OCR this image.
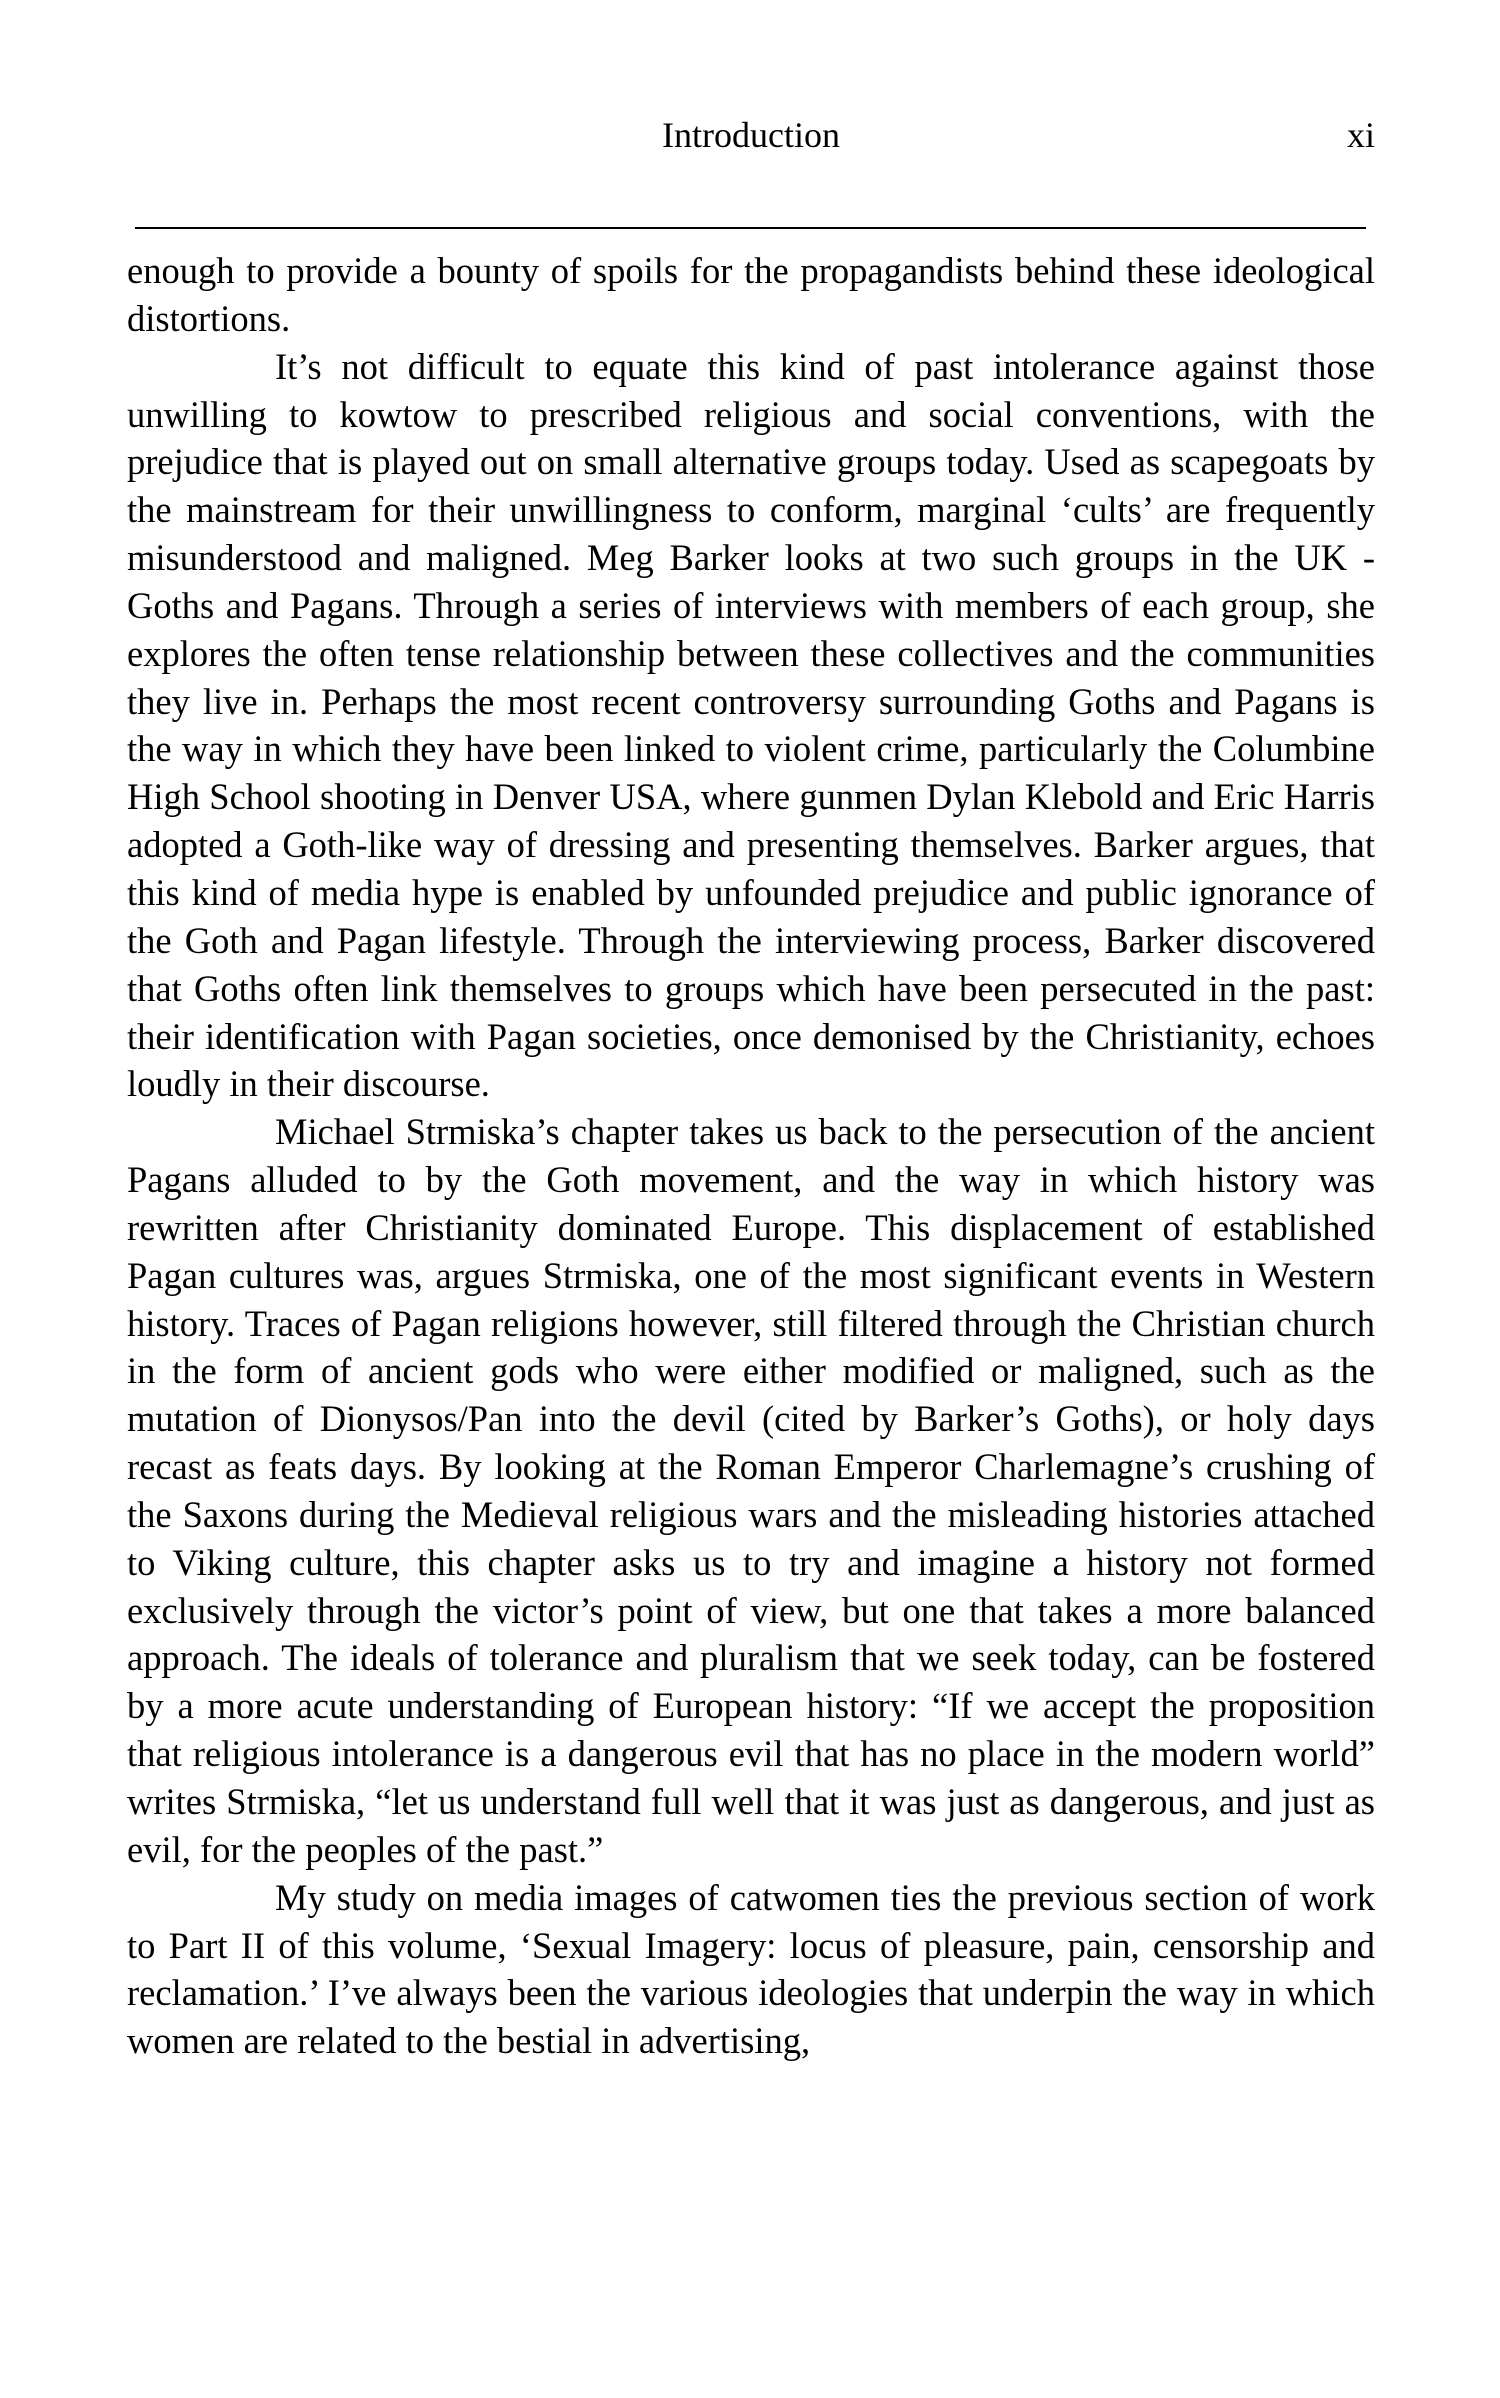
Introduction	xi

enough to provide a bounty of spoils for the propagandists behind these ideological distortions.

It’s not difficult to equate this kind of past intolerance against those unwilling to kowtow to prescribed religious and social conventions, with the prejudice that is played out on small alternative groups today. Used as scapegoats by the mainstream for their unwillingness to conform, marginal ‘cults’ are frequently misunderstood and maligned. Meg Barker looks at two such groups in the UK - Goths and Pagans. Through a series of interviews with members of each group, she explores the often tense relationship between these collectives and the communities they live in. Perhaps the most recent controversy surrounding Goths and Pagans is the way in which they have been linked to violent crime, particularly the Columbine High School shooting in Denver USA, where gunmen Dylan Klebold and Eric Harris adopted a Goth-like way of dressing and presenting themselves. Barker argues, that this kind of media hype is enabled by unfounded prejudice and public ignorance of the Goth and Pagan lifestyle. Through the interviewing process, Barker discovered that Goths often link themselves to groups which have been persecuted in the past: their identification with Pagan societies, once demonised by the Christianity, echoes loudly in their discourse.

Michael Strmiska’s chapter takes us back to the persecution of the ancient Pagans alluded to by the Goth movement, and the way in which history was rewritten after Christianity dominated Europe. This displacement of established Pagan cultures was, argues Strmiska, one of the most significant events in Western history. Traces of Pagan religions however, still filtered through the Christian church in the form of ancient gods who were either modified or maligned, such as the mutation of Dionysos/Pan into the devil (cited by Barker’s Goths), or holy days recast as feats days. By looking at the Roman Emperor Charlemagne’s crushing of the Saxons during the Medieval religious wars and the misleading histories attached to Viking culture, this chapter asks us to try and imagine a history not formed exclusively through the victor’s point of view, but one that takes a more balanced approach. The ideals of tolerance and pluralism that we seek today, can be fostered by a more acute understanding of European history: “If we accept the proposition that religious intolerance is a dangerous evil that has no place in the modern world” writes Strmiska, “let us understand full well that it was just as dangerous, and just as evil, for the peoples of the past.”

My study on media images of catwomen ties the previous section of work to Part II of this volume, ‘Sexual Imagery: locus of pleasure, pain, censorship and reclamation.’ I’ve always been the various ideologies that underpin the way in which women are related to the bestial in advertising,
